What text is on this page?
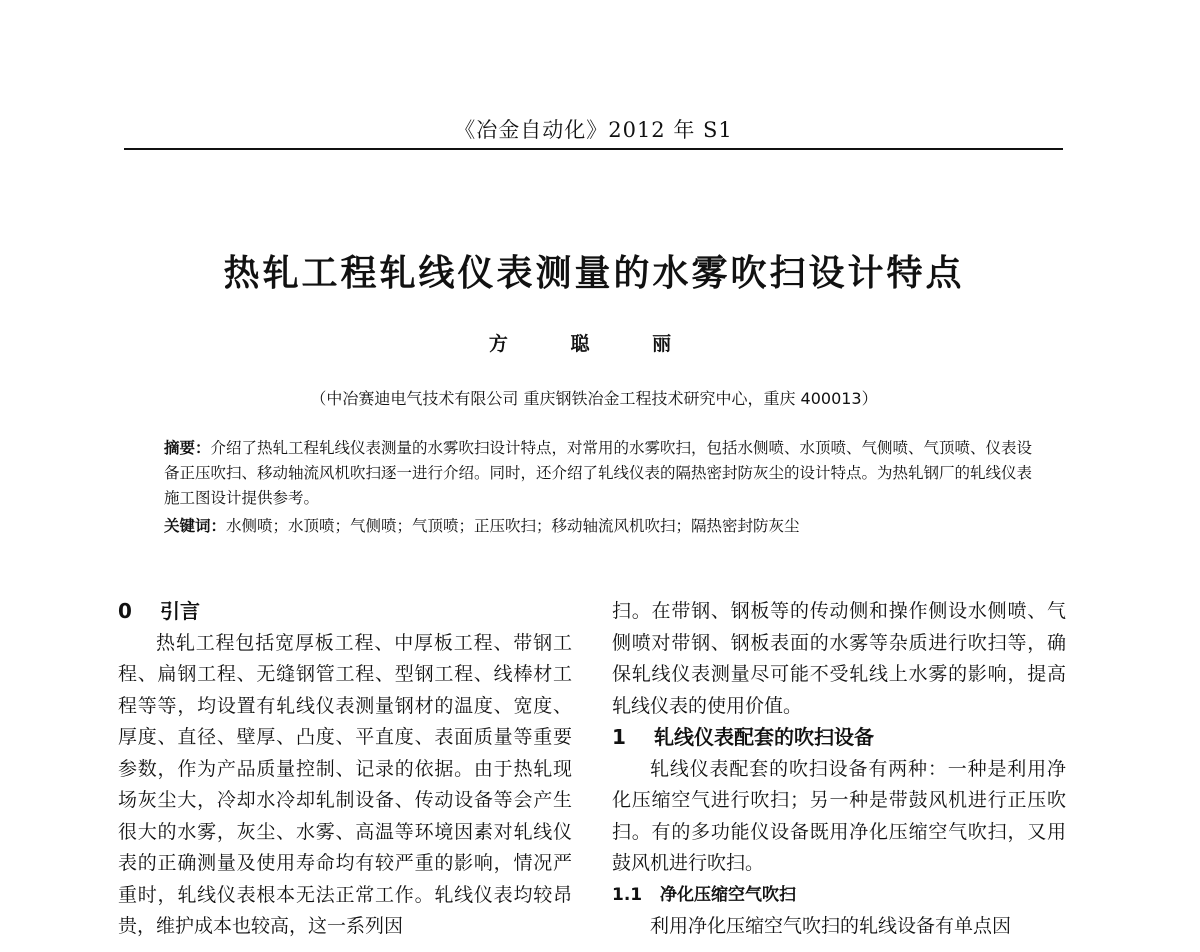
《冶金自动化》2012 年 S1
热轧工程轧线仪表测量的水雾吹扫设计特点
方 聪 丽
（中冶赛迪电气技术有限公司 重庆钢铁冶金工程技术研究中心，重庆 400013）

摘要：介绍了热轧工程轧线仪表测量的水雾吹扫设计特点，对常用的水雾吹扫，包括水侧喷、水顶喷、气侧喷、气顶喷、仪表设备正压吹扫、移动轴流风机吹扫逐一进行介绍。同时，还介绍了轧线仪表的隔热密封防灰尘的设计特点。为热轧钢厂的轧线仪表施工图设计提供参考。

关键词：水侧喷；水顶喷；气侧喷；气顶喷；正压吹扫；移动轴流风机吹扫；隔热密封防灰尘

0 引言

热轧工程包括宽厚板工程、中厚板工程、带钢工程、扁钢工程、无缝钢管工程、型钢工程、线棒材工程等等，均设置有轧线仪表测量钢材的温度、宽度、厚度、直径、壁厚、凸度、平直度、表面质量等重要参数，作为产品质量控制、记录的依据。由于热轧现场灰尘大，冷却水冷却轧制设备、传动设备等会产生很大的水雾，灰尘、水雾、高温等环境因素对轧线仪表的正确测量及使用寿命均有较严重的影响，情况严重时，轧线仪表根本无法正常工作。轧线仪表均较昂贵，维护成本也较高，这一系列因

扫。在带钢、钢板等的传动侧和操作侧设水侧喷、气侧喷对带钢、钢板表面的水雾等杂质进行吹扫等，确保轧线仪表测量尽可能不受轧线上水雾的影响，提高轧线仪表的使用价值。

1 轧线仪表配套的吹扫设备

轧线仪表配套的吹扫设备有两种：一种是利用净化压缩空气进行吹扫；另一种是带鼓风机进行正压吹扫。有的多功能仪设备既用净化压缩空气吹扫，又用鼓风机进行吹扫。

1.1 净化压缩空气吹扫

利用净化压缩空气吹扫的轧线设备有单点因
